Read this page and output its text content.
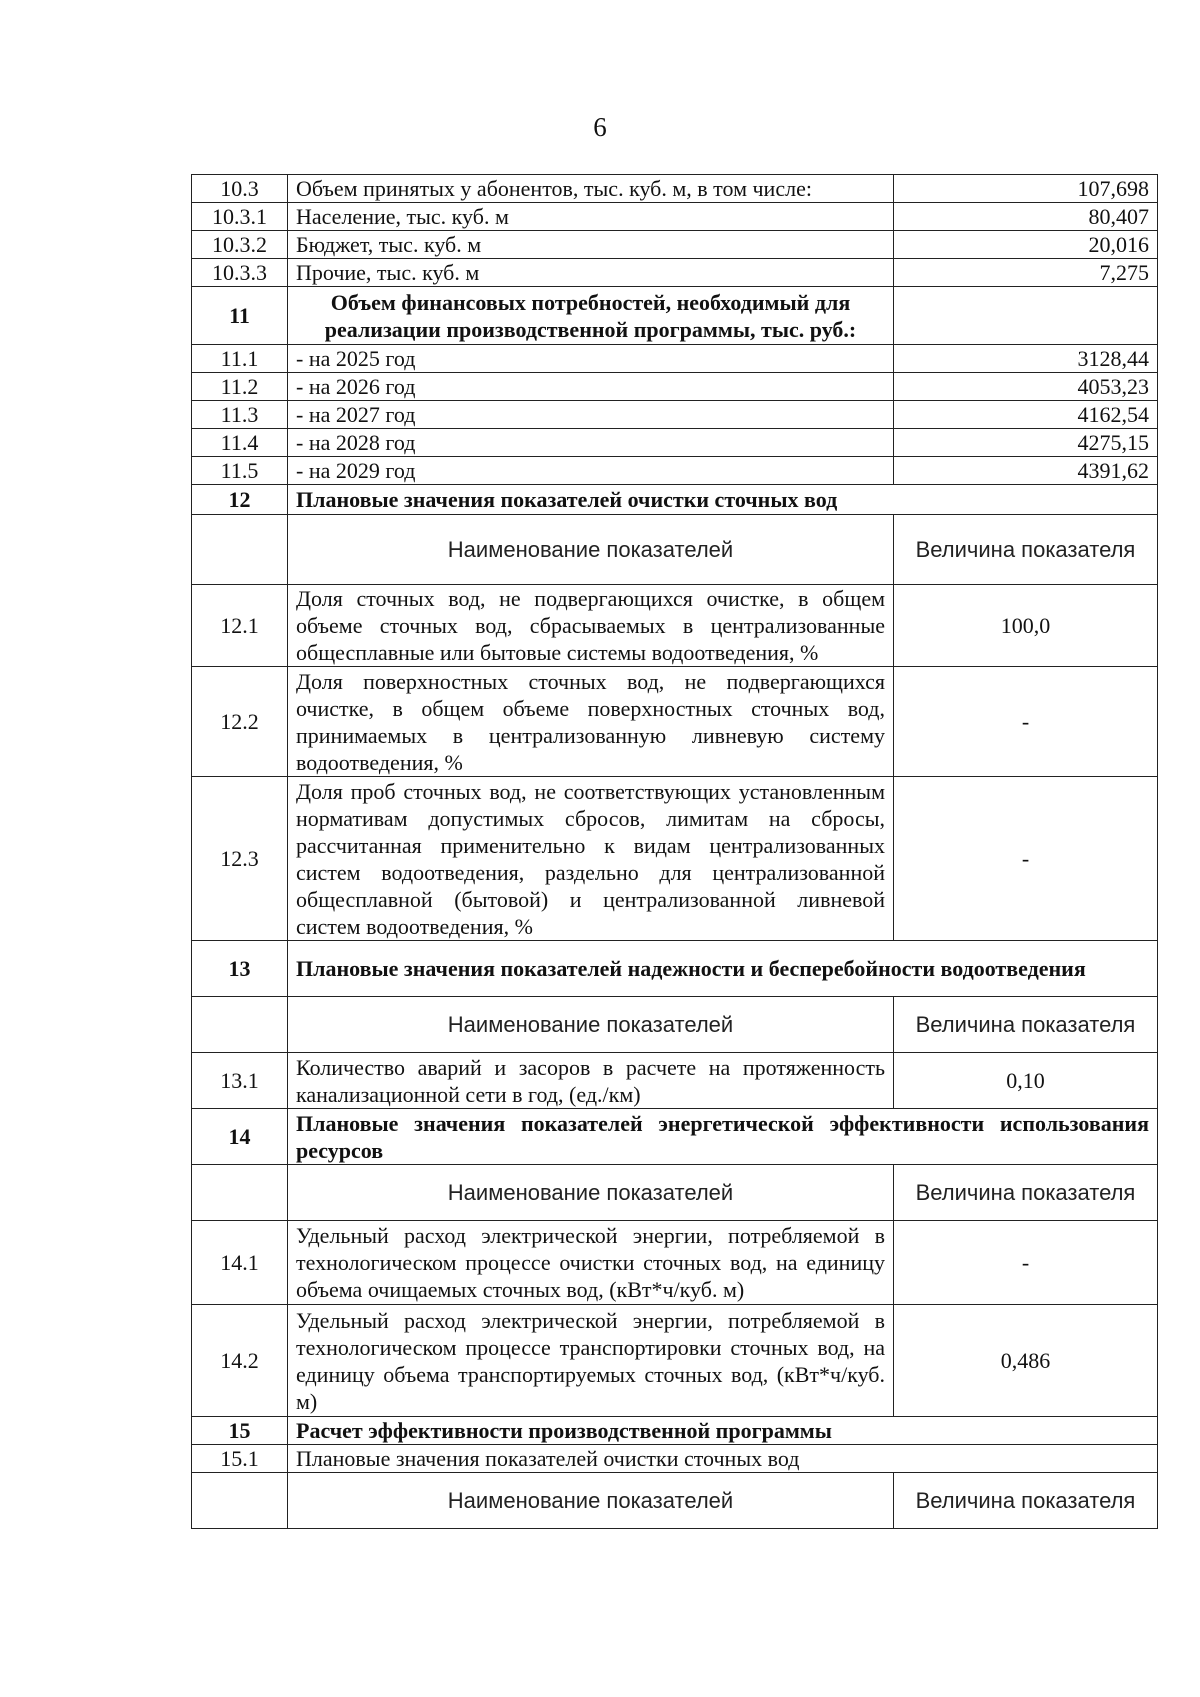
6
10.3	Объем принятых у абонентов, тыс. куб. м, в том числе:	107,698
10.3.1	Население, тыс. куб. м	80,407
10.3.2	Бюджет, тыс. куб. м	20,016
10.3.3	Прочие, тыс. куб. м	7,275
11	Объем финансовых потребностей, необходимый для реализации производственной программы, тыс. руб.:	
11.1	- на 2025 год	3128,44
11.2	- на 2026 год	4053,23
11.3	- на 2027 год	4162,54
11.4	- на 2028 год	4275,15
11.5	- на 2029 год	4391,62
12	Плановые значения показателей очистки сточных вод	
	Наименование показателей	Величина показателя
12.1	Доля сточных вод, не подвергающихся очистке, в общем объеме сточных вод, сбрасываемых в централизованные общесплавные или бытовые системы водоотведения, %	100,0
12.2	Доля поверхностных сточных вод, не подвергающихся очистке, в общем объеме поверхностных сточных вод, принимаемых в централизованную ливневую систему водоотведения, %	-
12.3	Доля проб сточных вод, не соответствующих установленным нормативам допустимых сбросов, лимитам на сбросы, рассчитанная применительно к видам централизованных систем водоотведения, раздельно для централизованной общесплавной (бытовой) и централизованной ливневой систем водоотведения, %	-
13	Плановые значения показателей надежности и бесперебойности водоотведения	
	Наименование показателей	Величина показателя
13.1	Количество аварий и засоров в расчете на протяженность канализационной сети в год, (ед./км)	0,10
14	Плановые значения показателей энергетической эффективности использования ресурсов	
	Наименование показателей	Величина показателя
14.1	Удельный расход электрической энергии, потребляемой в технологическом процессе очистки сточных вод, на единицу объема очищаемых сточных вод, (кВт*ч/куб. м)	-
14.2	Удельный расход электрической энергии, потребляемой в технологическом процессе транспортировки сточных вод, на единицу объема транспортируемых сточных вод, (кВт*ч/куб. м)	0,486
15	Расчет эффективности производственной программы	
15.1	Плановые значения показателей очистки сточных вод	
	Наименование показателей	Величина показателя
